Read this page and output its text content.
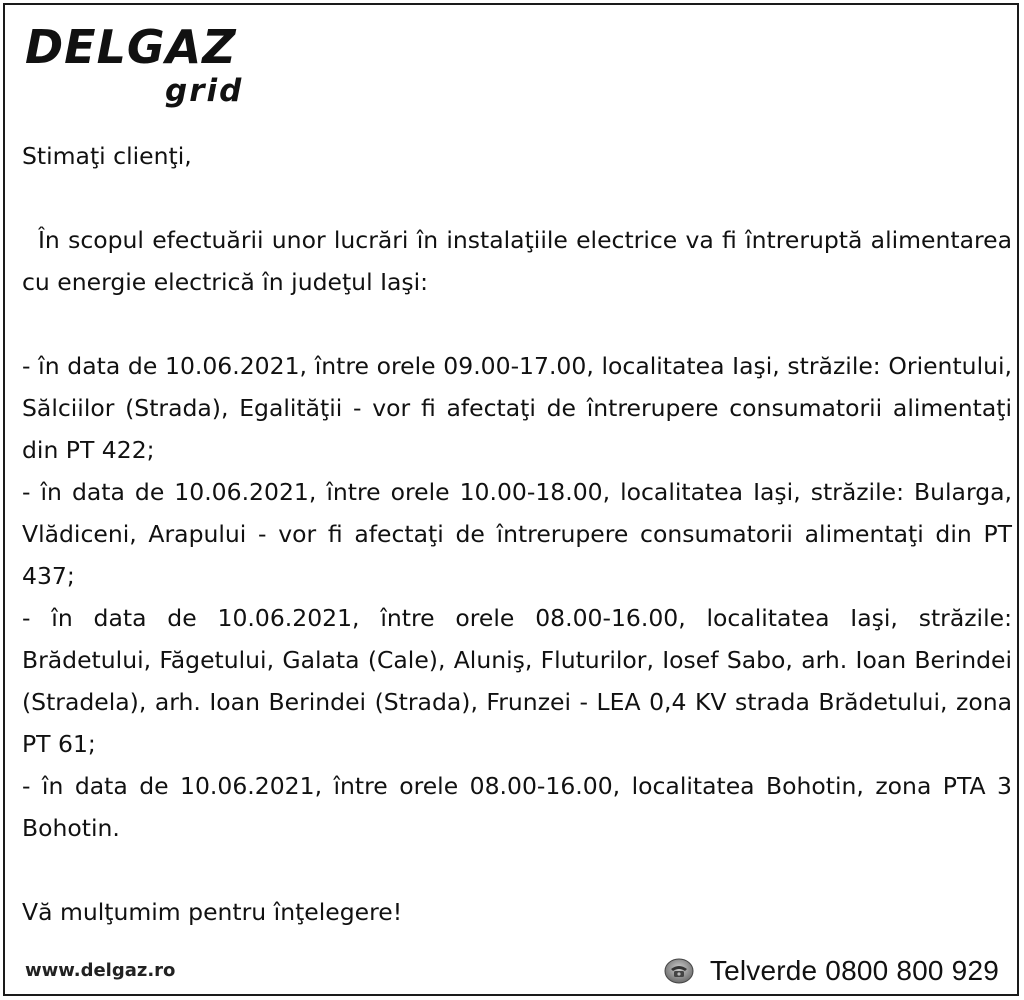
DELGAZ
grid

Stimaţi clienţi,

În scopul efectuării unor lucrări în instalaţiile electrice va fi întreruptă alimentarea cu energie electrică în judeţul Iaşi:

- în data de 10.06.2021, între orele 09.00-17.00, localitatea Iaşi, străzile: Orientului, Sălciilor (Strada), Egalităţii - vor fi afectaţi de întrerupere consumatorii alimentaţi din PT 422;

- în data de 10.06.2021, între orele 10.00-18.00, localitatea Iaşi, străzile: Bularga, Vlădiceni, Arapului - vor fi afectaţi de întrerupere consumatorii alimentaţi din PT 437;

- în data de 10.06.2021, între orele 08.00-16.00, localitatea Iaşi, străzile: Brădetului, Făgetului, Galata (Cale), Aluniş, Fluturilor, Iosef Sabo, arh. Ioan Berindei (Stradela), arh. Ioan Berindei (Strada), Frunzei - LEA 0,4 KV strada Brădetului, zona PT 61;

- în data de 10.06.2021, între orele 08.00-16.00, localitatea Bohotin, zona PTA 3 Bohotin.

Vă mulţumim pentru înţelegere!

www.delgaz.ro	Telverde 0800 800 929
